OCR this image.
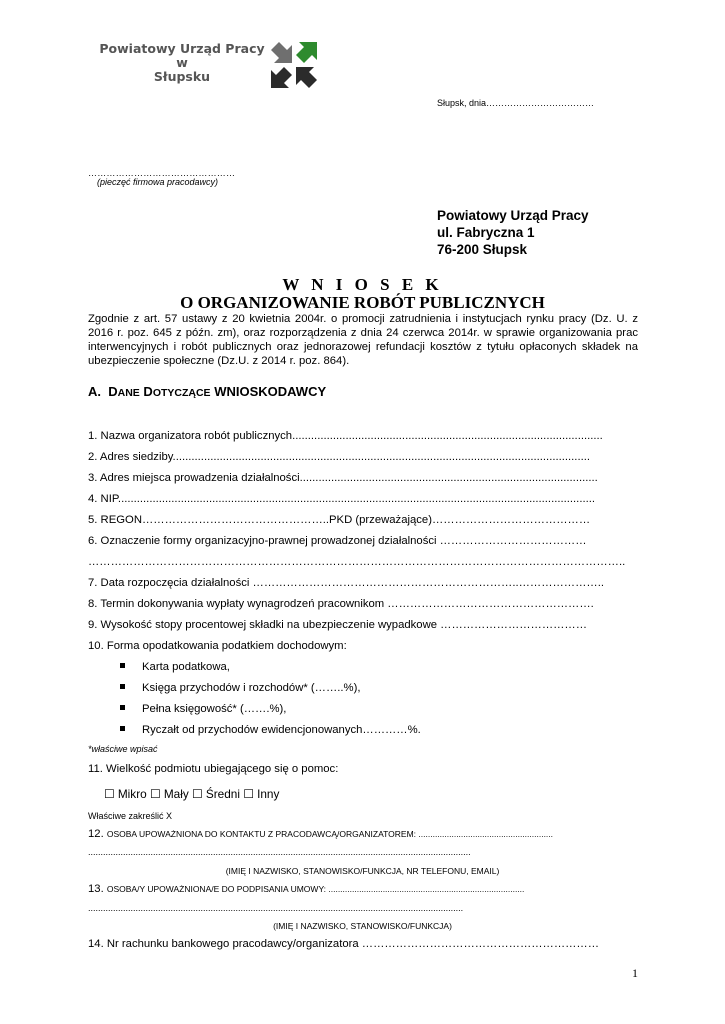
Powiatowy Urząd Pracy
w
Słupsku
Słupsk, dnia………………………………
…………………………………………
(pieczęć firmowa pracodawcy)
Powiatowy Urząd Pracy
ul. Fabryczna 1
76-200 Słupsk
W N I O S E K
O ORGANIZOWANIE ROBÓT PUBLICZNYCH
Zgodnie z art. 57 ustawy z 20 kwietnia 2004r. o promocji zatrudnienia i instytucjach rynku pracy (Dz. U. z 2016 r. poz. 645 z późn. zm), oraz rozporządzenia z dnia 24 czerwca 2014r. w sprawie organizowania prac interwencyjnych i robót publicznych oraz jednorazowej refundacji kosztów z tytułu opłaconych składek na ubezpieczenie społeczne (Dz.U. z 2014 r. poz. 864).
A. DANE DOTYCZĄCE WNIOSKODAWCY
1. Nazwa organizatora robót publicznych...................................................................................................
2. Adres siedziby.....................................................................................................................................
3. Adres miejsca prowadzenia działalności...............................................................................................
4. NIP........................................................................................................................................................
5. REGON…………………………………………..PKD (przeważające)……………………………………
6. Oznaczenie formy organizacyjno-prawnej prowadzonej działalności …………………………………
……………………………………………………………………………………………………………………………..
7. Data rozpoczęcia działalności ……………………………………………………………..…………………..
8. Termin dokonywania wypłaty wynagrodzeń pracownikom ……………………………………………….
9. Wysokość stopy procentowej składki na ubezpieczenie wypadkowe …………………………………
10. Forma opodatkowania podatkiem dochodowym:
Karta podatkowa,
Księga przychodów i rozchodów* (……..%),
Pełna księgowość* (…….%),
Ryczałt od przychodów ewidencjonowanych…………%.
*właściwe wpisać
11. Wielkość podmiotu ubiegającego się o pomoc:
☐ Mikro ☐ Mały ☐ Średni ☐ Inny
Właściwe zakreślić X
12. OSOBA UPOWAŻNIONA DO KONTAKTU Z PRACODAWCĄ/ORGANIZATOREM: .........................................................
.........................................................................................................................................................
(IMIĘ I NAZWISKO, STANOWISKO/FUNKCJA, NR TELEFONU, EMAIL)
13. OSOBA/Y UPOWAŻNIONA/E DO PODPISANIA UMOWY: ...................................................................................
......................................................................................................................................................
(IMIĘ I NAZWISKO, STANOWISKO/FUNKCJA)
14. Nr rachunku bankowego pracodawcy/organizatora ………………………………………………………
1
